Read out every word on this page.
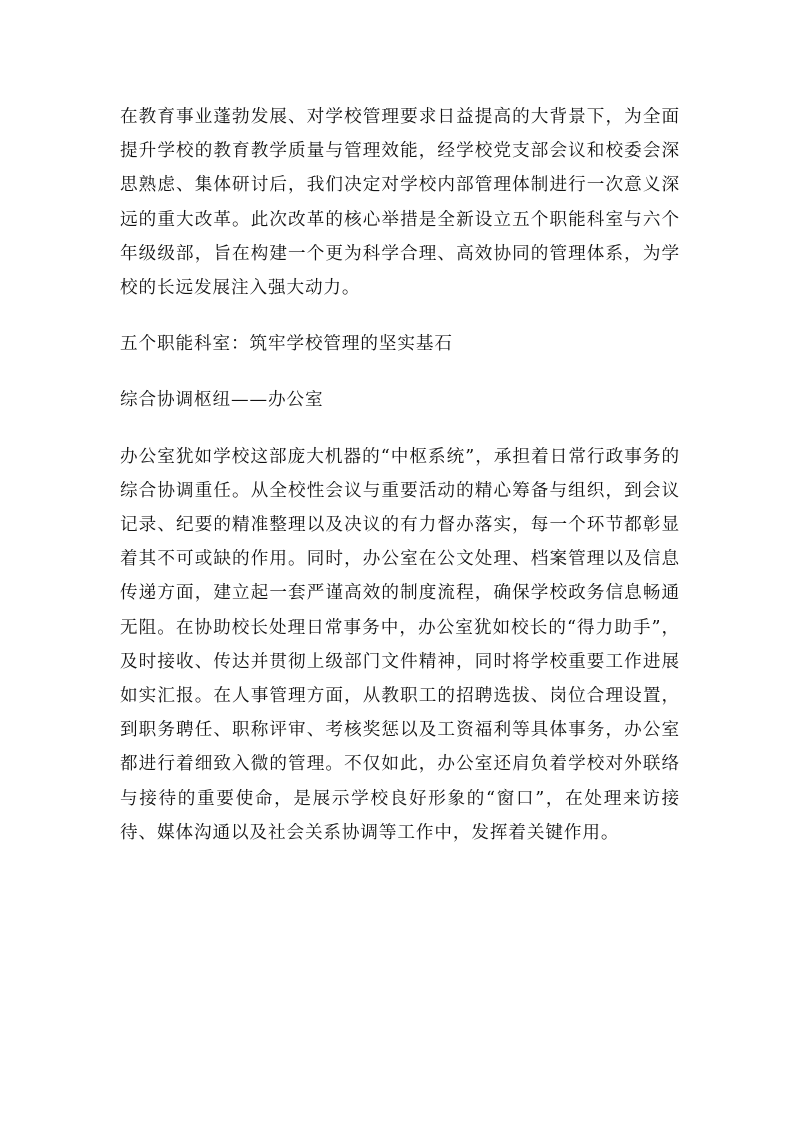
在教育事业蓬勃发展、对学校管理要求日益提高的大背景下，为全面提升学校的教育教学质量与管理效能，经学校党支部会议和校委会深思熟虑、集体研讨后，我们决定对学校内部管理体制进行一次意义深远的重大改革。此次改革的核心举措是全新设立五个职能科室与六个年级级部，旨在构建一个更为科学合理、高效协同的管理体系，为学校的长远发展注入强大动力。

五个职能科室：筑牢学校管理的坚实基石

综合协调枢纽——办公室

办公室犹如学校这部庞大机器的“中枢系统”，承担着日常行政事务的综合协调重任。从全校性会议与重要活动的精心筹备与组织，到会议记录、纪要的精准整理以及决议的有力督办落实，每一个环节都彰显着其不可或缺的作用。同时，办公室在公文处理、档案管理以及信息传递方面，建立起一套严谨高效的制度流程，确保学校政务信息畅通无阻。在协助校长处理日常事务中，办公室犹如校长的“得力助手”，及时接收、传达并贯彻上级部门文件精神，同时将学校重要工作进展如实汇报。在人事管理方面，从教职工的招聘选拔、岗位合理设置，到职务聘任、职称评审、考核奖惩以及工资福利等具体事务，办公室都进行着细致入微的管理。不仅如此，办公室还肩负着学校对外联络与接待的重要使命，是展示学校良好形象的“窗口”，在处理来访接待、媒体沟通以及社会关系协调等工作中，发挥着关键作用。
